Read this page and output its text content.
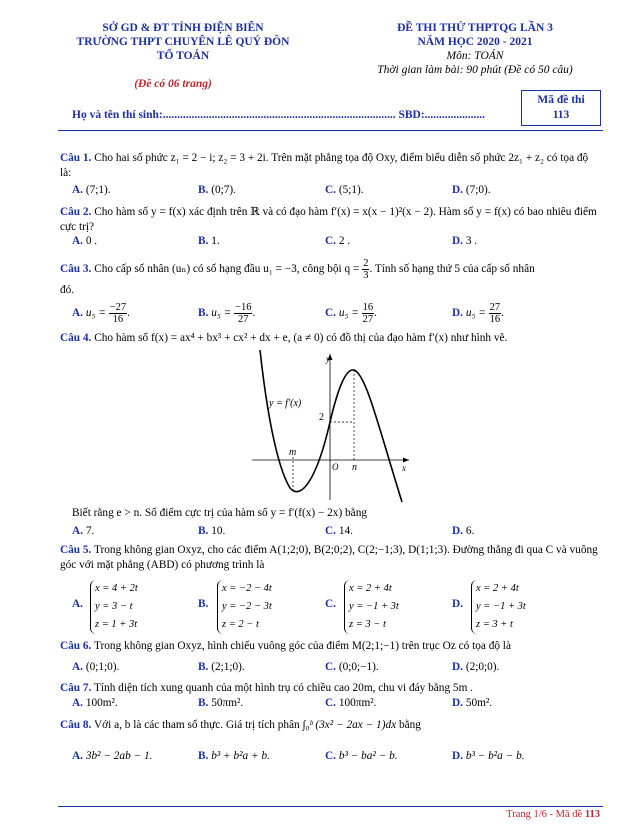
SỞ GD & ĐT TỈNH ĐIỆN BIÊN
TRƯỜNG THPT CHUYÊN LÊ QUÝ ĐÔN
TỔ TOÁN
(Đề có 06 trang)
ĐỀ THI THỬ THPTQG LẦN 3
NĂM HỌC 2020 - 2021
Môn: TOÁN
Thời gian làm bài: 90 phút (Đề có 50 câu)
Họ và tên thí sinh:................................................................................. SBD:.....................
Mã đề thi
113
Câu 1. Cho hai số phức z₁ = 2 − i; z₂ = 3 + 2i. Trên mặt phẳng tọa độ Oxy, điểm biểu diễn số phức 2z₁ + z₂ có tọa độ là:
A. (7;1).	B. (0;7).	C. (5;1).	D. (7;0).
Câu 2. Cho hàm số y = f(x) xác định trên ℝ và có đạo hàm f′(x) = x(x − 1)²(x − 2). Hàm số y = f(x) có bao nhiêu điểm cực trị?
A. 0 .	B. 1.	C. 2 .	D. 3 .
Câu 3. Cho cấp số nhân (uₙ) có số hạng đầu u₁ = −3, công bội $q = \frac{2}{3}$ . Tính số hạng thứ 5 của cấp số nhân
đó.
A. $u_5 = \frac{-27}{16}$ .	B. $u_5 = \frac{-16}{27}$ .	C. $u_5 = \frac{16}{27}$ .	D. $u_5 = \frac{27}{16}$ .
Câu 4. Cho hàm số f(x) = ax⁴ + bx³ + cx² + dx + e, (a ≠ 0) có đồ thị của đạo hàm f′(x) như hình vẽ.
y = f′(x)
y
x
2
m
O n
Biết rằng e > n. Số điểm cực trị của hàm số y = f′(f(x) − 2x) bằng
A. 7.	B. 10.	C. 14.	D. 6.
Câu 5. Trong không gian Oxyz, cho các điểm A(1;2;0), B(2;0;2), C(2;−1;3), D(1;1;3). Đường thẳng đi qua C và vuông góc với mặt phẳng (ABD) có phương trình là
A.
x = 4 + 2t
y = 3 − t
z = 1 + 3t
B.
x = −2 − 4t
y = −2 − 3t
z = 2 − t
C.
x = 2 + 4t
y = −1 + 3t
z = 3 − t
D.
x = 2 + 4t
y = −1 + 3t
z = 3 + t
Câu 6. Trong không gian Oxyz, hình chiếu vuông góc của điểm M(2;1;−1) trên trục Oz có tọa độ là
A. (0;1;0).	B. (2;1;0).	C. (0;0;−1).	D. (2;0;0).
Câu 7. Tính diện tích xung quanh của một hình trụ có chiều cao 20m, chu vi đáy bằng 5m .
A. 100m².	B. 50πm².	C. 100πm².	D. 50m².
Câu 8. Với a, b là các tham số thực. Giá trị tích phân ∫₀ᵇ (3x² − 2ax − 1)dx bằng
A. 3b² − 2ab − 1.	B. b³ + b²a + b.	C. b³ − ba² − b.	D. b³ − b²a − b.
Trang 1/6 - Mã đề 113
